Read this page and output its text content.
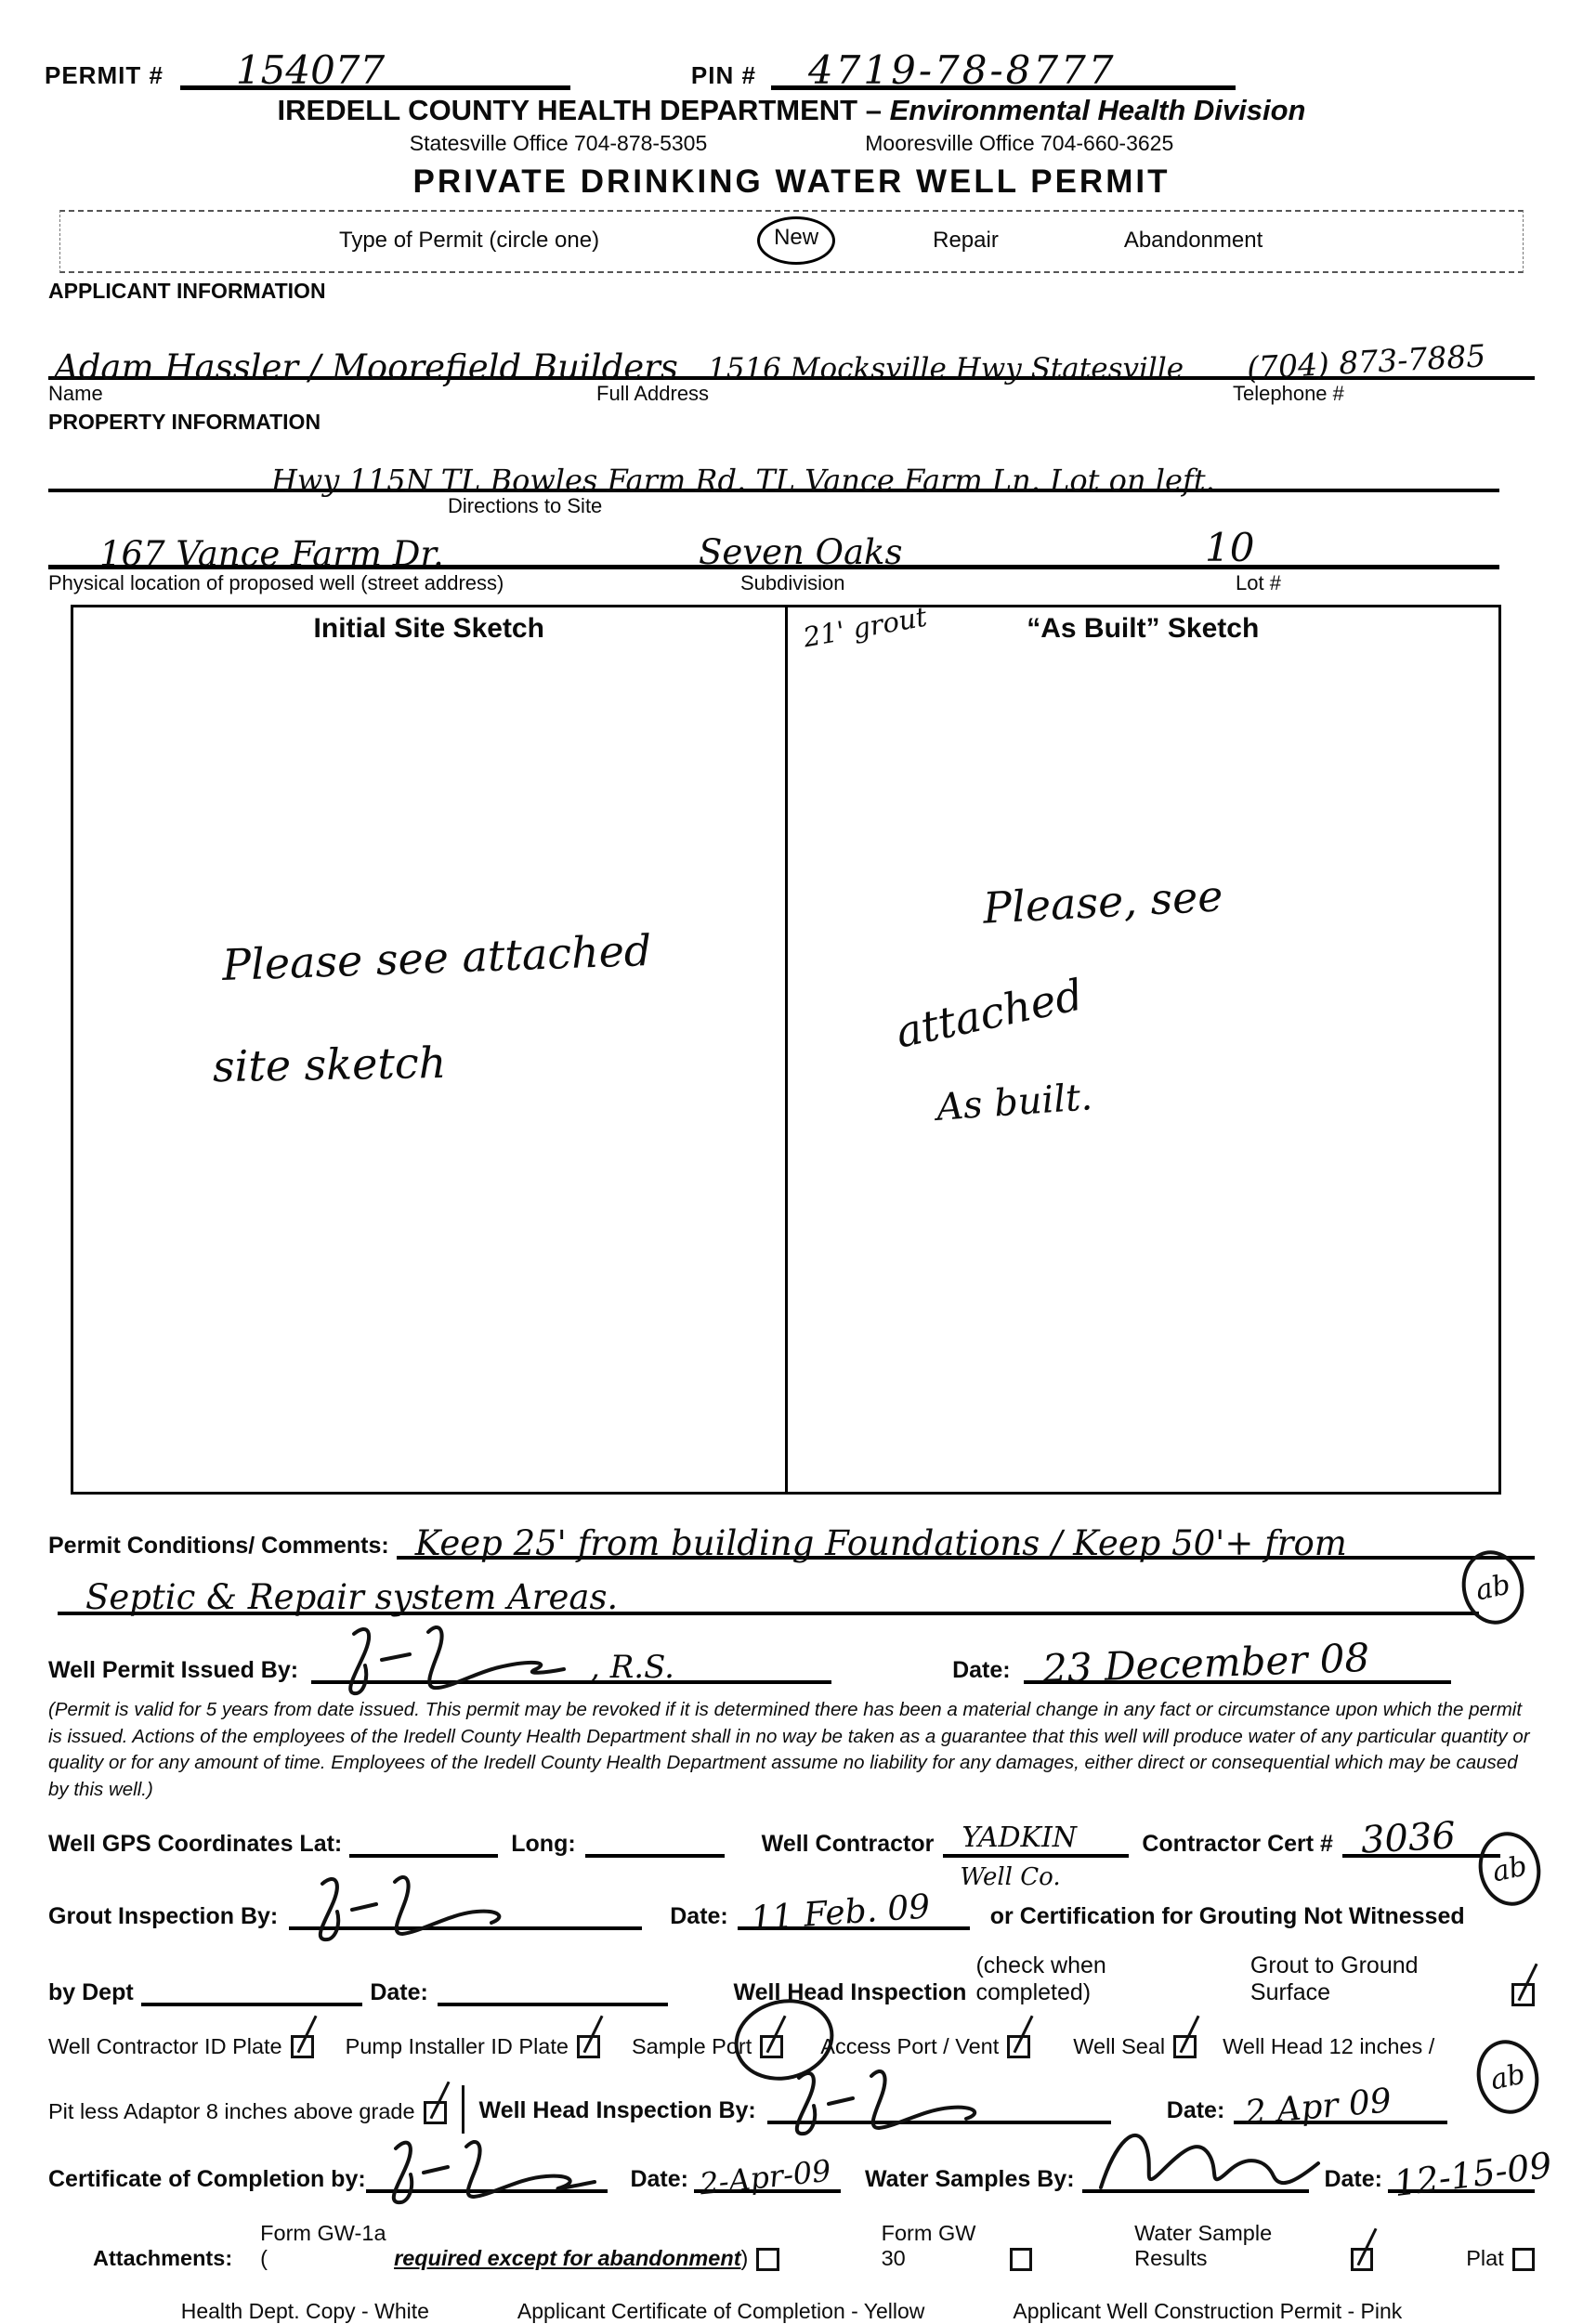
PERMIT # 154077	PIN # 4719-78-8777
IREDELL COUNTY HEALTH DEPARTMENT – Environmental Health Division
Statesville Office 704-878-5305	Mooresville Office 704-660-3625
PRIVATE DRINKING WATER WELL PERMIT
Type of Permit (circle one)	New	Repair	Abandonment
APPLICANT INFORMATION
Adam Hassler / Moorefield Builders 1516 Mocksville Hwy Statesville (704) 873-7885
Name	Full Address	Telephone #
PROPERTY INFORMATION
Hwy 115N TL Bowles Farm Rd. TL Vance Farm Ln. Lot on left.
Directions to Site
167 Vance Farm Dr.	Seven Oaks	10
Physical location of proposed well (street address)	Subdivision	Lot #
Initial Site Sketch
Please see attached
site sketch
“As Built” Sketch
21' grout
Please, see
attached
As built.
Permit Conditions/ Comments: Keep 25' from building Foundations / Keep 50'+ from
Septic & Repair system Areas.	ab
Well Permit Issued By:	, R.S.	Date: 23 December 08
(Permit is valid for 5 years from date issued. This permit may be revoked if it is determined there has been a material change in any fact or circumstance upon which the permit is issued. Actions of the employees of the Iredell County Health Department shall in no way be taken as a guarantee that this well will produce water of any particular quantity or quality or for any amount of time. Employees of the Iredell County Health Department assume no liability for any damages, either direct or consequential which may be caused by this well.)
Well GPS Coordinates Lat:	Long:	Well Contractor YADKIN
Well Co.
Contractor Cert # 3036
ab
Grout Inspection By:	Date: 11 Feb. 09	or Certification for Grouting Not Witnessed
by Dept	Date:	Well Head Inspection
(check when completed)
Grout to Ground Surface
Well Contractor ID Plate	Pump Installer ID Plate	Sample Port	Access Port / Vent	Well Seal	Well Head 12 inches /
ab
Pit less Adaptor 8 inches above grade	Well Head Inspection By:	Date: 2 Apr 09
Certificate of Completion by:	Date: 2-Apr-09 Water Samples By:	Date: 12-15-09
Attachments:
Form GW-1a (	required except for abandonment )
Form GW 30
Water Sample Results	Plat
Health Dept. Copy - White	Applicant Certificate of Completion - Yellow	Applicant Well Construction Permit - Pink
